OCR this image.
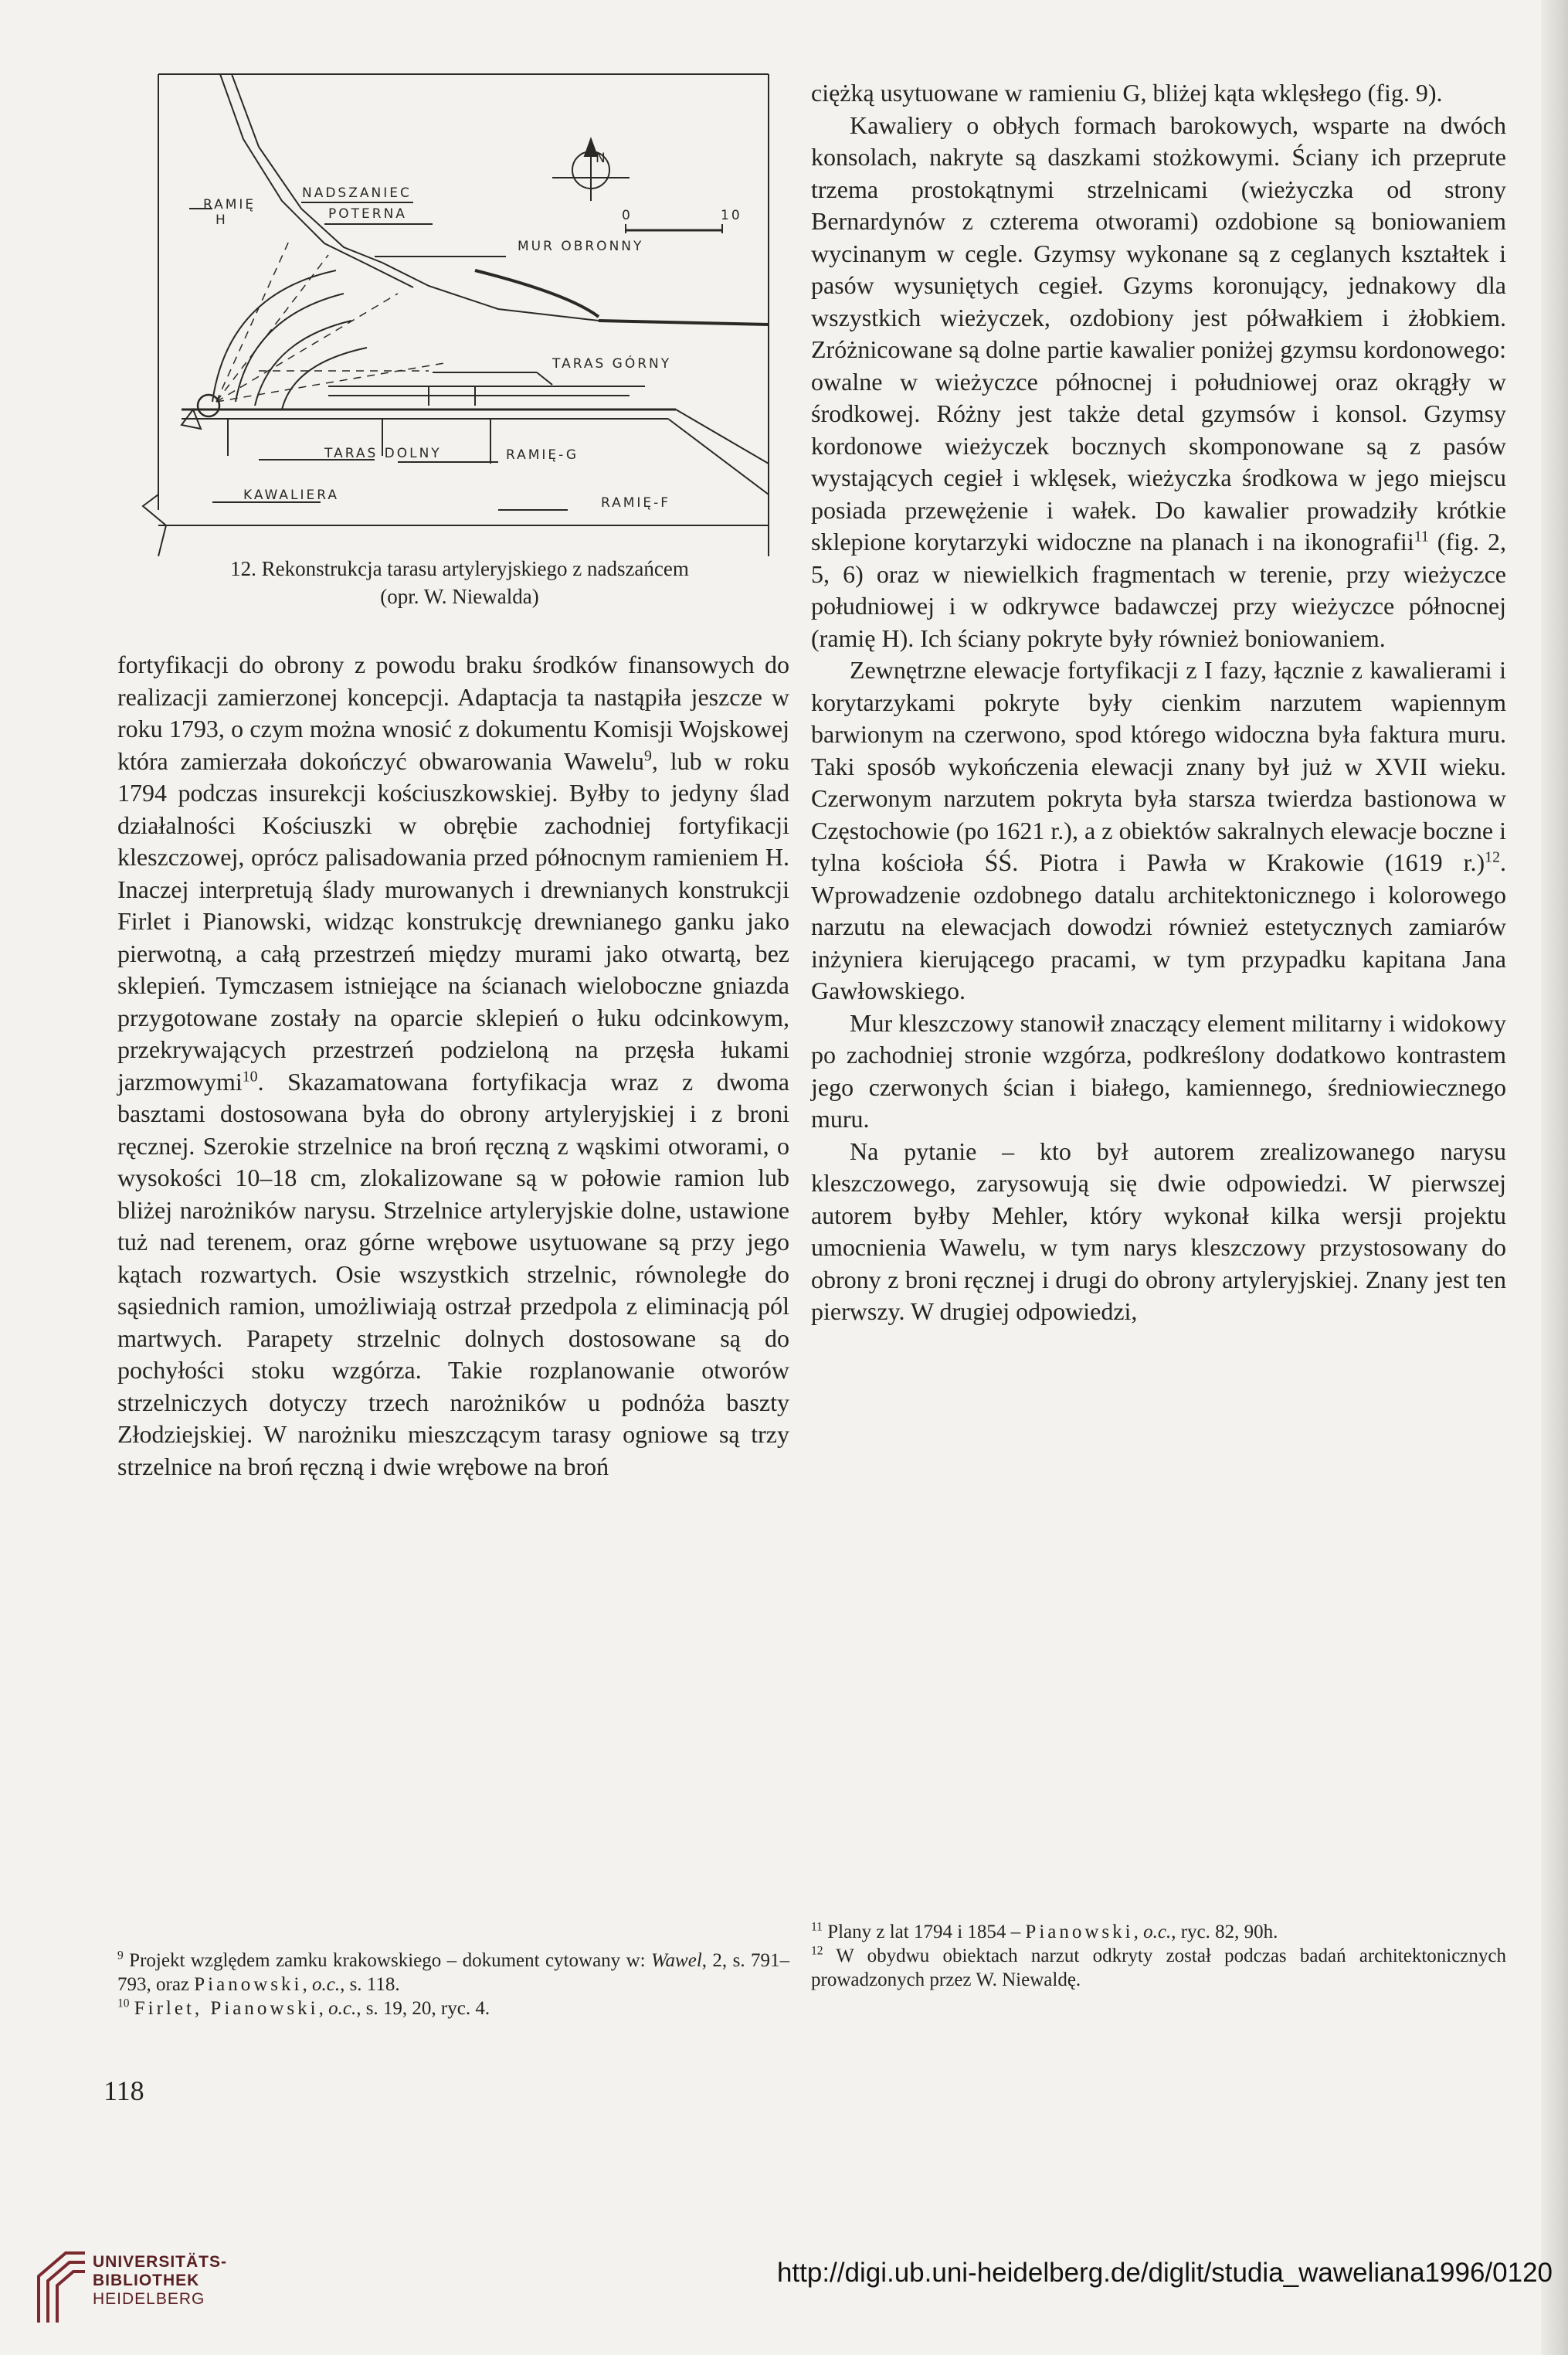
RAMIĘ
H
NADSZANIEC
POTERNA
MUR OBRONNY
TARAS GÓRNY
TARAS DOLNY	RAMIĘ-G
KAWALIERA	RAMIĘ-F
N
0	10
12. Rekonstrukcja tarasu artyleryjskiego z nadszańcem
(opr. W. Niewalda)

fortyfikacji do obrony z powodu braku środków finansowych do realizacji zamierzonej koncepcji. Adaptacja ta nastąpiła jeszcze w roku 1793, o czym można wnosić z dokumentu Komisji Wojskowej która zamierzała dokończyć obwarowania Wawelu$^9$, lub w roku 1794 podczas insurekcji kościuszkowskiej. Byłby to jedyny ślad działalności Kościuszki w obrębie zachodniej fortyfikacji kleszczowej, oprócz palisadowania przed północnym ramieniem H. Inaczej interpretują ślady murowanych i drewnianych konstrukcji Firlet i Pianowski, widząc konstrukcję drewnianego ganku jako pierwotną, a całą przestrzeń między murami jako otwartą, bez sklepień. Tymczasem istniejące na ścianach wieloboczne gniazda przygotowane zostały na oparcie sklepień o łuku odcinkowym, przekrywających przestrzeń podzieloną na przęsła łukami jarzmowymi$^{10}$. Skazamatowana fortyfikacja wraz z dwoma basztami dostosowana była do obrony artyleryjskiej i z broni ręcznej. Szerokie strzelnice na broń ręczną z wąskimi otworami, o wysokości 10–18 cm, zlokalizowane są w połowie ramion lub bliżej narożników narysu. Strzelnice artyleryjskie dolne, ustawione tuż nad terenem, oraz górne wrębowe usytuowane są przy jego kątach rozwartych. Osie wszystkich strzelnic, równoległe do sąsiednich ramion, umożliwiają ostrzał przedpola z eliminacją pól martwych. Parapety strzelnic dolnych dostosowane są do pochyłości stoku wzgórza. Takie rozplanowanie otworów strzelniczych dotyczy trzech narożników u podnóża baszty Złodziejskiej. W narożniku mieszczącym tarasy ogniowe są trzy strzelnice na broń ręczną i dwie wrębowe na broń

ciężką usytuowane w ramieniu G, bliżej kąta wklęsłego (fig. 9).

Kawaliery o obłych formach barokowych, wsparte na dwóch konsolach, nakryte są daszkami stożkowymi. Ściany ich przeprute trzema prostokątnymi strzelnicami (wieżyczka od strony Bernardynów z czterema otworami) ozdobione są boniowaniem wycinanym w cegle. Gzymsy wykonane są z ceglanych kształtek i pasów wysuniętych cegieł. Gzyms koronujący, jednakowy dla wszystkich wieżyczek, ozdobiony jest półwałkiem i żłobkiem. Zróżnicowane są dolne partie kawalier poniżej gzymsu kordonowego: owalne w wieżyczce północnej i południowej oraz okrągły w środkowej. Różny jest także detal gzymsów i konsol. Gzymsy kordonowe wieżyczek bocznych skomponowane są z pasów wystających cegieł i wklęsek, wieżyczka środkowa w jego miejscu posiada przewężenie i wałek. Do kawalier prowadziły krótkie sklepione korytarzyki widoczne na planach i na ikonografii$^{11}$ (fig. 2, 5, 6) oraz w niewielkich fragmentach w terenie, przy wieżyczce południowej i w odkrywce badawczej przy wieżyczce północnej (ramię H). Ich ściany pokryte były również boniowaniem.

Zewnętrzne elewacje fortyfikacji z I fazy, łącznie z kawalierami i korytarzykami pokryte były cienkim narzutem wapiennym barwionym na czerwono, spod którego widoczna była faktura muru. Taki sposób wykończenia elewacji znany był już w XVII wieku. Czerwonym narzutem pokryta była starsza twierdza bastionowa w Częstochowie (po 1621 r.), a z obiektów sakralnych elewacje boczne i tylna kościoła ŚŚ. Piotra i Pawła w Krakowie (1619 r.)$^{12}$. Wprowadzenie ozdobnego datalu architektonicznego i kolorowego narzutu na elewacjach dowodzi również estetycznych zamiarów inżyniera kierującego pracami, w tym przypadku kapitana Jana Gawłowskiego.

Mur kleszczowy stanowił znaczący element militarny i widokowy po zachodniej stronie wzgórza, podkreślony dodatkowo kontrastem jego czerwonych ścian i białego, kamiennego, średniowiecznego muru.

Na pytanie – kto był autorem zrealizowanego narysu kleszczowego, zarysowują się dwie odpowiedzi. W pierwszej autorem byłby Mehler, który wykonał kilka wersji projektu umocnienia Wawelu, w tym narys kleszczowy przystosowany do obrony z broni ręcznej i drugi do obrony artyleryjskiej. Znany jest ten pierwszy. W drugiej odpowiedzi,

$^9$ Projekt względem zamku krakowskiego – dokument cytowany w: Wawel, 2, s. 791–793, oraz Pianowski, o.c., s. 118.

$^{10}$ Firlet, Pianowski, o.c., s. 19, 20, ryc. 4.

$^{11}$ Plany z lat 1794 i 1854 – Pianowski, o.c., ryc. 82, 90h.

$^{12}$ W obydwu obiektach narzut odkryty został podczas badań architektonicznych prowadzonych przez W. Niewaldę.

118
UNIVERSITÄTS-
BIBLIOTHEK
HEIDELBERG
http://digi.ub.uni-heidelberg.de/diglit/studia_waweliana1996/0120
